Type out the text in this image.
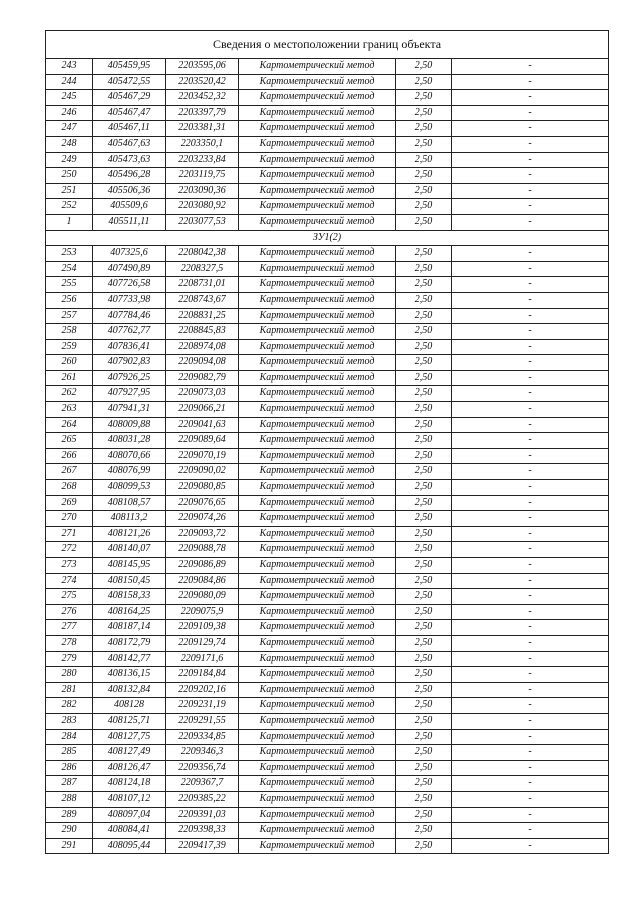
Сведения о местоположении границ объекта					
243	405459,95	2203595,06	Картометрический метод	2,50	-
244	405472,55	2203520,42	Картометрический метод	2,50	-
245	405467,29	2203452,32	Картометрический метод	2,50	-
246	405467,47	2203397,79	Картометрический метод	2,50	-
247	405467,11	2203381,31	Картометрический метод	2,50	-
248	405467,63	2203350,1	Картометрический метод	2,50	-
249	405473,63	2203233,84	Картометрический метод	2,50	-
250	405496,28	2203119,75	Картометрический метод	2,50	-
251	405506,36	2203090,36	Картометрический метод	2,50	-
252	405509,6	2203080,92	Картометрический метод	2,50	-
1	405511,11	2203077,53	Картометрический метод	2,50	-
ЗУ1(2)					
253	407325,6	2208042,38	Картометрический метод	2,50	-
254	407490,89	2208327,5	Картометрический метод	2,50	-
255	407726,58	2208731,01	Картометрический метод	2,50	-
256	407733,98	2208743,67	Картометрический метод	2,50	-
257	407784,46	2208831,25	Картометрический метод	2,50	-
258	407762,77	2208845,83	Картометрический метод	2,50	-
259	407836,41	2208974,08	Картометрический метод	2,50	-
260	407902,83	2209094,08	Картометрический метод	2,50	-
261	407926,25	2209082,79	Картометрический метод	2,50	-
262	407927,95	2209073,03	Картометрический метод	2,50	-
263	407941,31	2209066,21	Картометрический метод	2,50	-
264	408009,88	2209041,63	Картометрический метод	2,50	-
265	408031,28	2209089,64	Картометрический метод	2,50	-
266	408070,66	2209070,19	Картометрический метод	2,50	-
267	408076,99	2209090,02	Картометрический метод	2,50	-
268	408099,53	2209080,85	Картометрический метод	2,50	-
269	408108,57	2209076,65	Картометрический метод	2,50	-
270	408113,2	2209074,26	Картометрический метод	2,50	-
271	408121,26	2209093,72	Картометрический метод	2,50	-
272	408140,07	2209088,78	Картометрический метод	2,50	-
273	408145,95	2209086,89	Картометрический метод	2,50	-
274	408150,45	2209084,86	Картометрический метод	2,50	-
275	408158,33	2209080,09	Картометрический метод	2,50	-
276	408164,25	2209075,9	Картометрический метод	2,50	-
277	408187,14	2209109,38	Картометрический метод	2,50	-
278	408172,79	2209129,74	Картометрический метод	2,50	-
279	408142,77	2209171,6	Картометрический метод	2,50	-
280	408136,15	2209184,84	Картометрический метод	2,50	-
281	408132,84	2209202,16	Картометрический метод	2,50	-
282	408128	2209231,19	Картометрический метод	2,50	-
283	408125,71	2209291,55	Картометрический метод	2,50	-
284	408127,75	2209334,85	Картометрический метод	2,50	-
285	408127,49	2209346,3	Картометрический метод	2,50	-
286	408126,47	2209356,74	Картометрический метод	2,50	-
287	408124,18	2209367,7	Картометрический метод	2,50	-
288	408107,12	2209385,22	Картометрический метод	2,50	-
289	408097,04	2209391,03	Картометрический метод	2,50	-
290	408084,41	2209398,33	Картометрический метод	2,50	-
291	408095,44	2209417,39	Картометрический метод	2,50	-
